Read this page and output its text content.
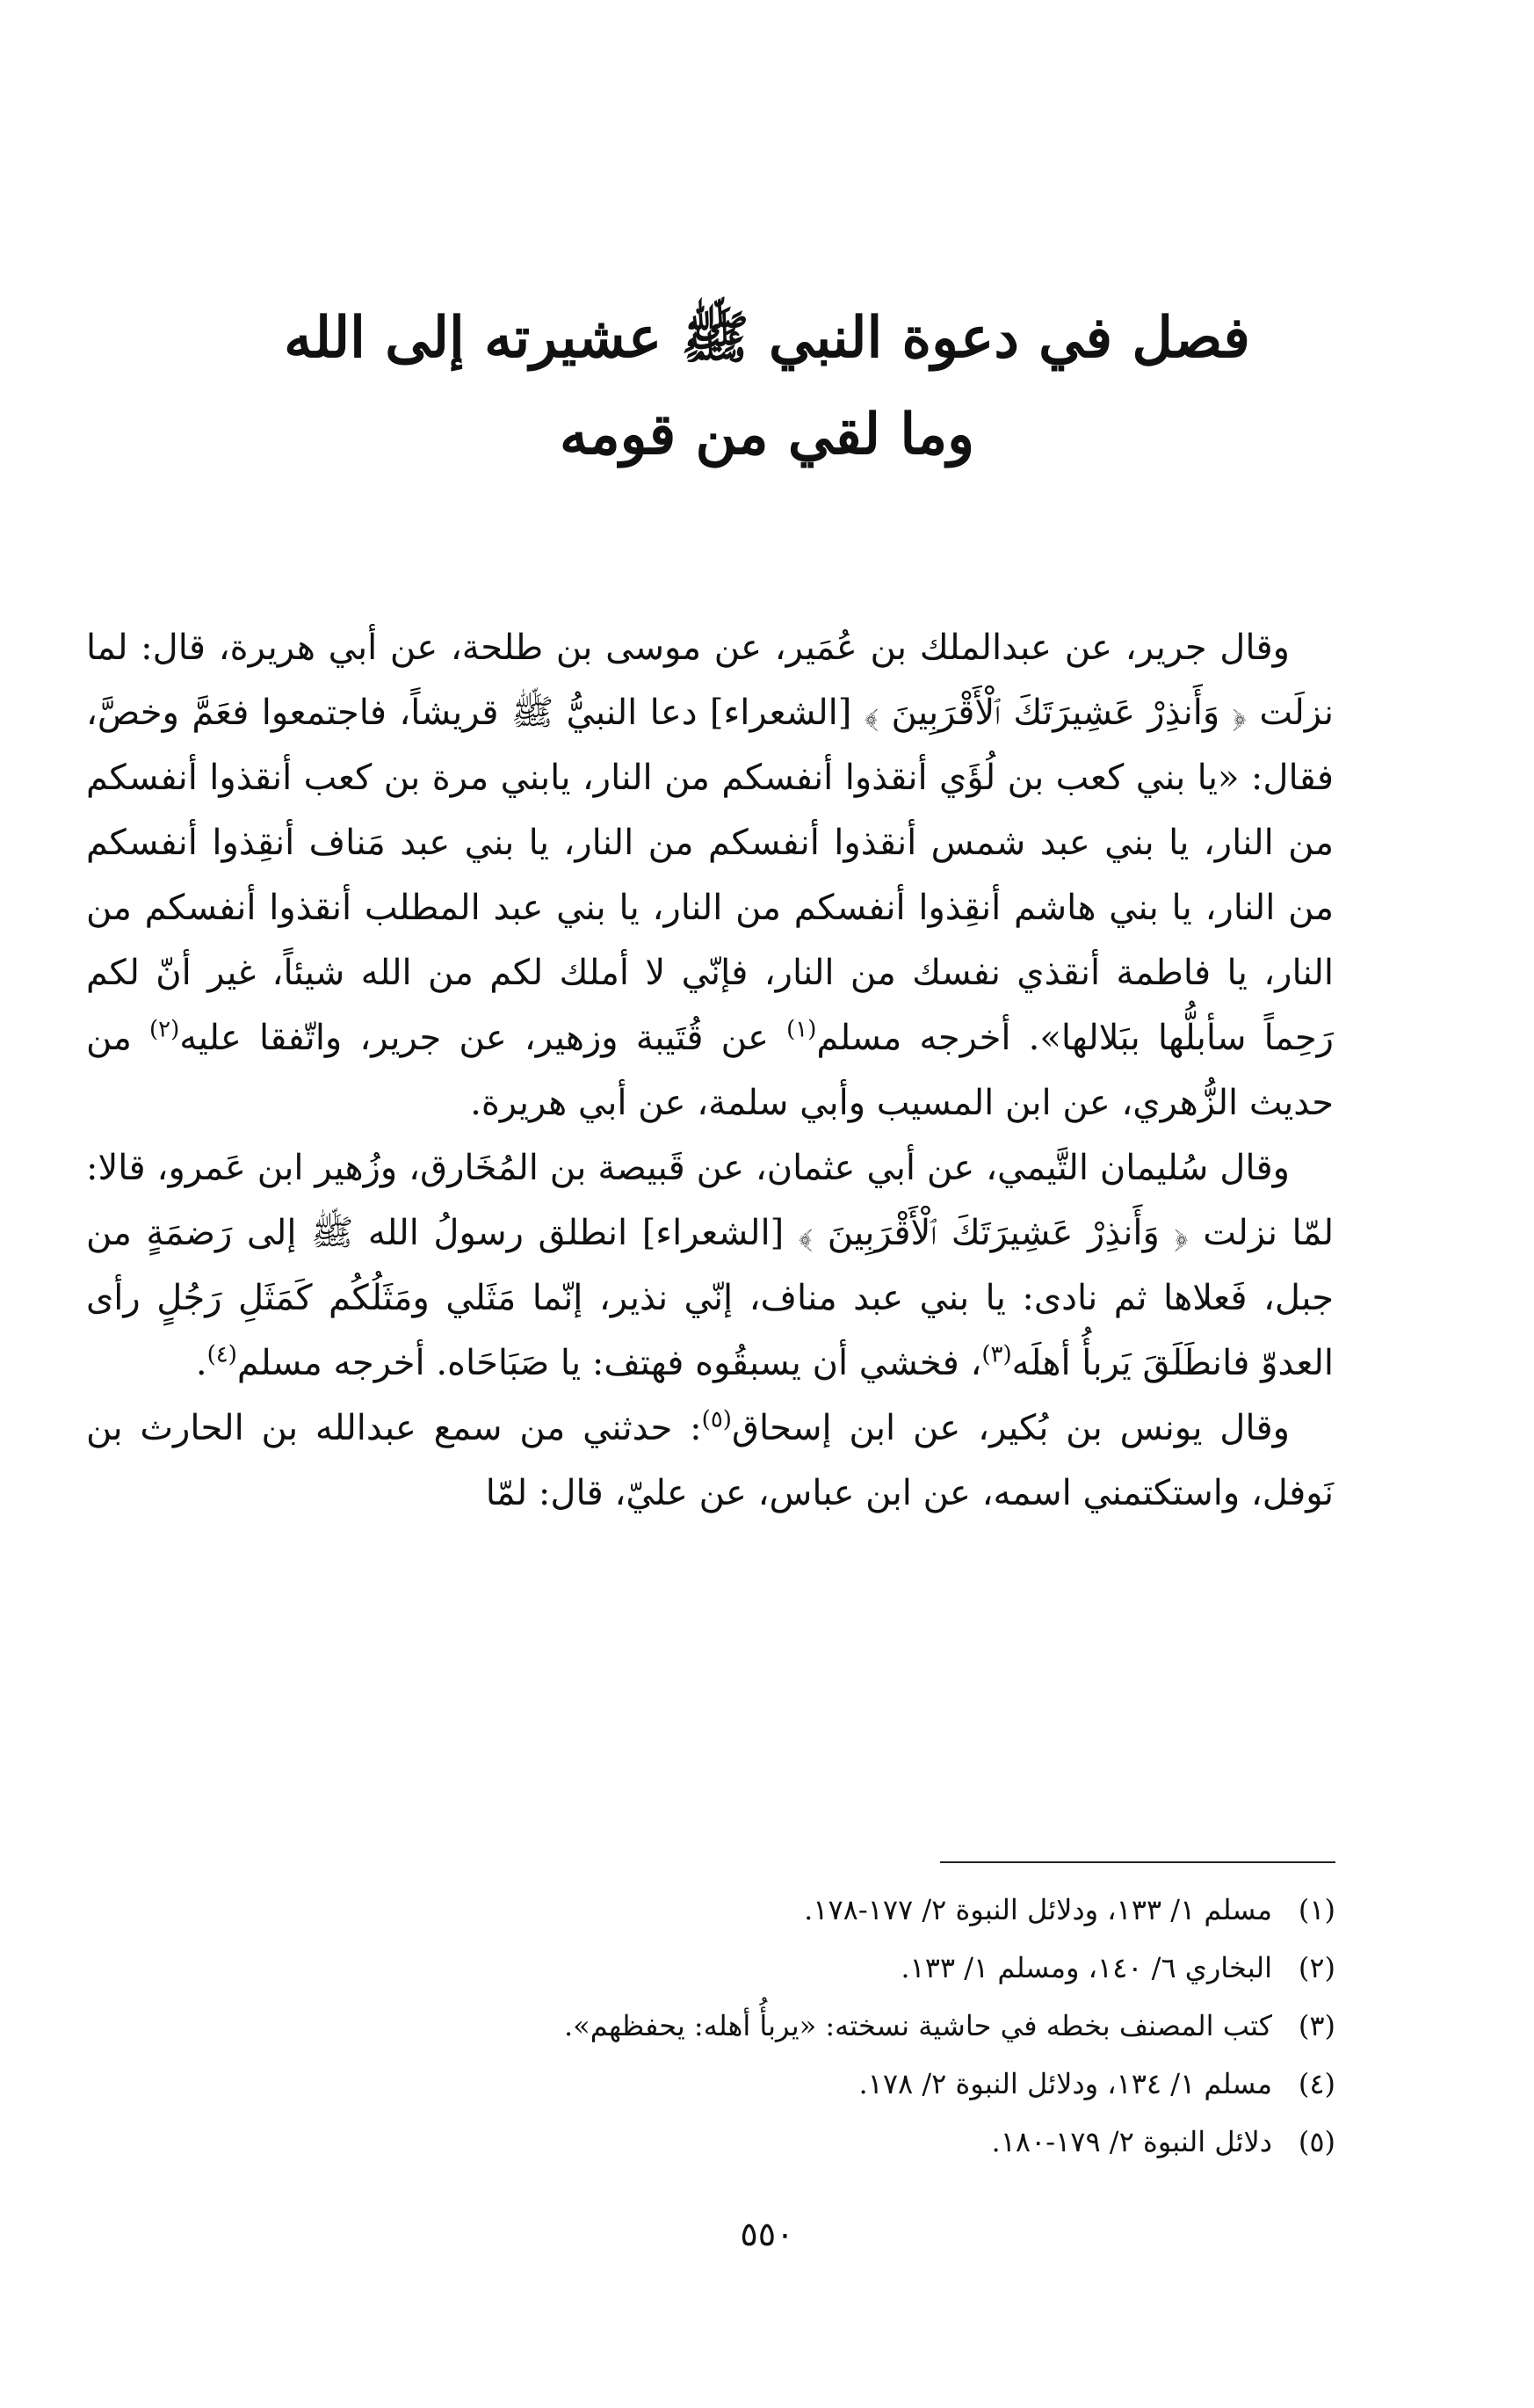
فصل في دعوة النبي ﷺ عشيرته إلى الله
وما لقي من قومه

وقال جرير، عن عبدالملك بن عُمَير، عن موسى بن طلحة، عن أبي هريرة، قال: لما نزلَت ﴿ وَأَنذِرْ عَشِيرَتَكَ ٱلْأَقْرَبِينَ ﴾ [الشعراء] دعا النبيُّ ﷺ قريشاً، فاجتمعوا فعَمَّ وخصَّ، فقال: «يا بني كعب بن لُؤَي أنقذوا أنفسكم من النار، يابني مرة بن كعب أنقذوا أنفسكم من النار، يا بني عبد شمس أنقذوا أنفسكم من النار، يا بني عبد مَناف أنقِذوا أنفسكم من النار، يا بني هاشم أنقِذوا أنفسكم من النار، يا بني عبد المطلب أنقذوا أنفسكم من النار، يا فاطمة أنقذي نفسك من النار، فإنّي لا أملك لكم من الله شيئاً، غير أنّ لكم رَحِماً سأبلُّها ببَلالها». أخرجه مسلم$^{(١)}$ عن قُتَيبة وزهير، عن جرير، واتّفقا عليه$^{(٢)}$ من حديث الزُّهري، عن ابن المسيب وأبي سلمة، عن أبي هريرة.

وقال سُليمان التَّيمي، عن أبي عثمان، عن قَبيصة بن المُخَارق، وزُهير ابن عَمرو، قالا: لمّا نزلت ﴿ وَأَنذِرْ عَشِيرَتَكَ ٱلْأَقْرَبِينَ ﴾ [الشعراء] انطلق رسولُ الله ﷺ إلى رَضمَةٍ من جبل، فَعلاها ثم نادى: يا بني عبد مناف، إنّي نذير، إنّما مَثَلي ومَثَلُكُم كَمَثَلِ رَجُلٍ رأى العدوّ فانطَلَقَ يَربأُ أهلَه$^{(٣)}$، فخشي أن يسبقُوه فهتف: يا صَبَاحَاه. أخرجه مسلم$^{(٤)}$.

وقال يونس بن بُكير، عن ابن إسحاق$^{(٥)}$: حدثني من سمع عبدالله بن الحارث بن نَوفل، واستكتمني اسمه، عن ابن عباس، عن عليّ، قال: لمّا

(١)
مسلم ١/ ١٣٣، ودلائل النبوة ٢/ ١٧٧-١٧٨.
(٢)
البخاري ٦/ ١٤٠، ومسلم ١/ ١٣٣.
(٣)
كتب المصنف بخطه في حاشية نسخته: «يربأُ أهله: يحفظهم».
(٤)
مسلم ١/ ١٣٤، ودلائل النبوة ٢/ ١٧٨.
(٥)
دلائل النبوة ٢/ ١٧٩-١٨٠.
٥٥٠
